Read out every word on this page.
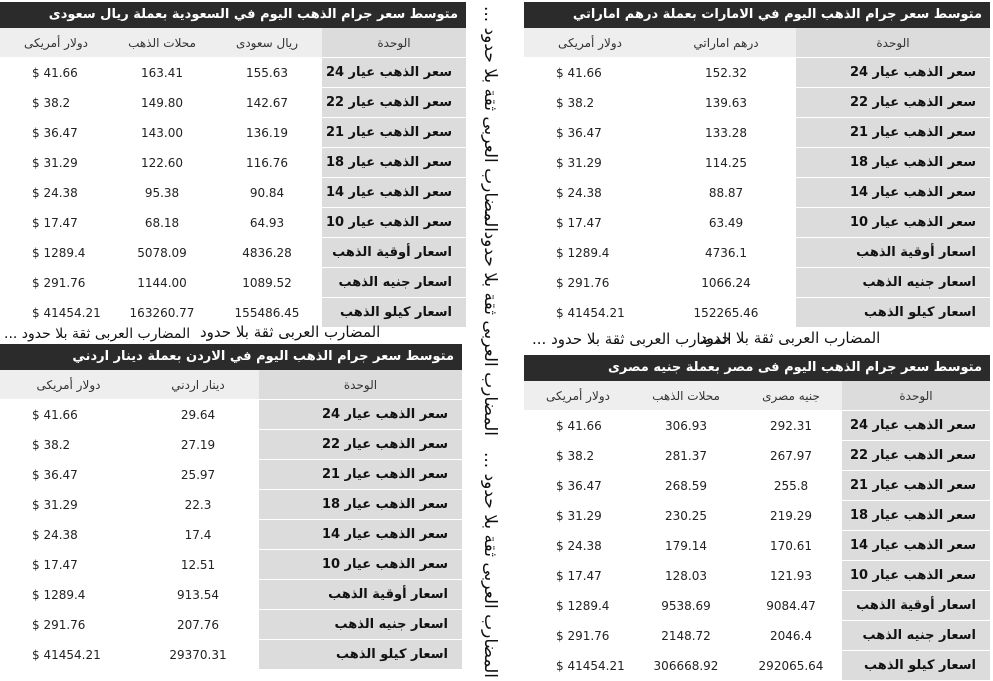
متوسط سعر جرام الذهب اليوم في السعودية بعملة ريال سعودى
دولار أمريكى	محلات الذهب	ريال سعودى	الوحدة
$ 41.66	163.41	155.63	سعر الذهب عيار 24
$ 38.2	149.80	142.67	سعر الذهب عيار 22
$ 36.47	143.00	136.19	سعر الذهب عيار 21
$ 31.29	122.60	116.76	سعر الذهب عيار 18
$ 24.38	95.38	90.84	سعر الذهب عيار 14
$ 17.47	68.18	64.93	سعر الذهب عيار 10
$ 1289.4	5078.09	4836.28	اسعار أوقية الذهب
$ 291.76	1144.00	1089.52	اسعار جنيه الذهب
$ 41454.21	163260.77	155486.45	اسعار كيلو الذهب
متوسط سعر جرام الذهب اليوم في الامارات بعملة درهم اماراتي
دولار أمريكى	درهم اماراتي	الوحدة
$ 41.66	152.32	سعر الذهب عيار 24
$ 38.2	139.63	سعر الذهب عيار 22
$ 36.47	133.28	سعر الذهب عيار 21
$ 31.29	114.25	سعر الذهب عيار 18
$ 24.38	88.87	سعر الذهب عيار 14
$ 17.47	63.49	سعر الذهب عيار 10
$ 1289.4	4736.1	اسعار أوقية الذهب
$ 291.76	1066.24	اسعار جنيه الذهب
$ 41454.21	152265.46	اسعار كيلو الذهب
متوسط سعر جرام الذهب اليوم في الاردن بعملة دينار اردني
دولار أمريكى	دينار اردني	الوحدة
$ 41.66	29.64	سعر الذهب عيار 24
$ 38.2	27.19	سعر الذهب عيار 22
$ 36.47	25.97	سعر الذهب عيار 21
$ 31.29	22.3	سعر الذهب عيار 18
$ 24.38	17.4	سعر الذهب عيار 14
$ 17.47	12.51	سعر الذهب عيار 10
$ 1289.4	913.54	اسعار أوقية الذهب
$ 291.76	207.76	اسعار جنيه الذهب
$ 41454.21	29370.31	اسعار كيلو الذهب
متوسط سعر جرام الذهب اليوم فى مصر بعملة جنيه مصرى
دولار أمريكى	محلات الذهب	جنيه مصرى	الوحدة
$ 41.66	306.93	292.31	سعر الذهب عيار 24
$ 38.2	281.37	267.97	سعر الذهب عيار 22
$ 36.47	268.59	255.8	سعر الذهب عيار 21
$ 31.29	230.25	219.29	سعر الذهب عيار 18
$ 24.38	179.14	170.61	سعر الذهب عيار 14
$ 17.47	128.03	121.93	سعر الذهب عيار 10
$ 1289.4	9538.69	9084.47	اسعار أوقية الذهب
$ 291.76	2148.72	2046.4	اسعار جنيه الذهب
$ 41454.21	306668.92	292065.64	اسعار كيلو الذهب
المضارب العربى ثقة بلا حدود
المضارب العربى ثقة بلا حدود ...	المضارب العربى ثقة بلا حدود
المضارب العربى ثقة بلا حدود ...
المضارب العربى ثقة بلا حدود ...
المضارب العربى ثقة بلا حدود ...
المضارب العربى ثقة بلا حدود ...
